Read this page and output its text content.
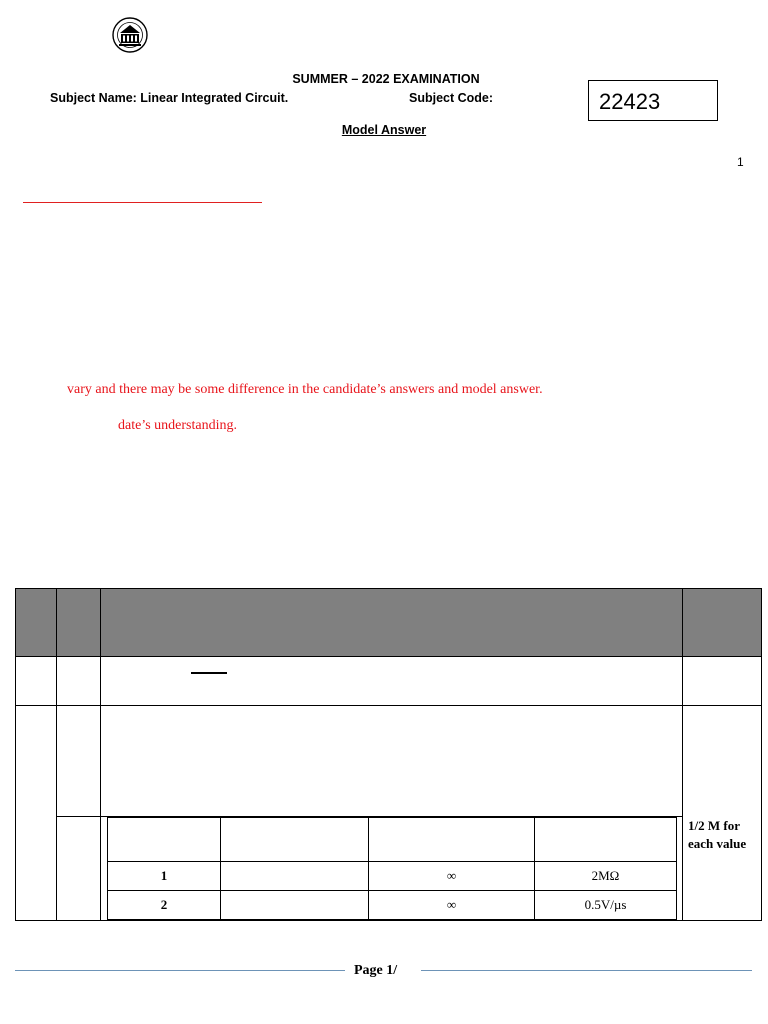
SUMMER – 2022 EXAMINATION
Subject Name: Linear Integrated Circuit.	Subject Code:	22423
Model Answer
1
vary and there may be some difference in the candidate’s answers and model answer.
date’s understanding.

1		∞	2MΩ
2		∞	0.5V/µs
1/2 M for each value
Page 1/
